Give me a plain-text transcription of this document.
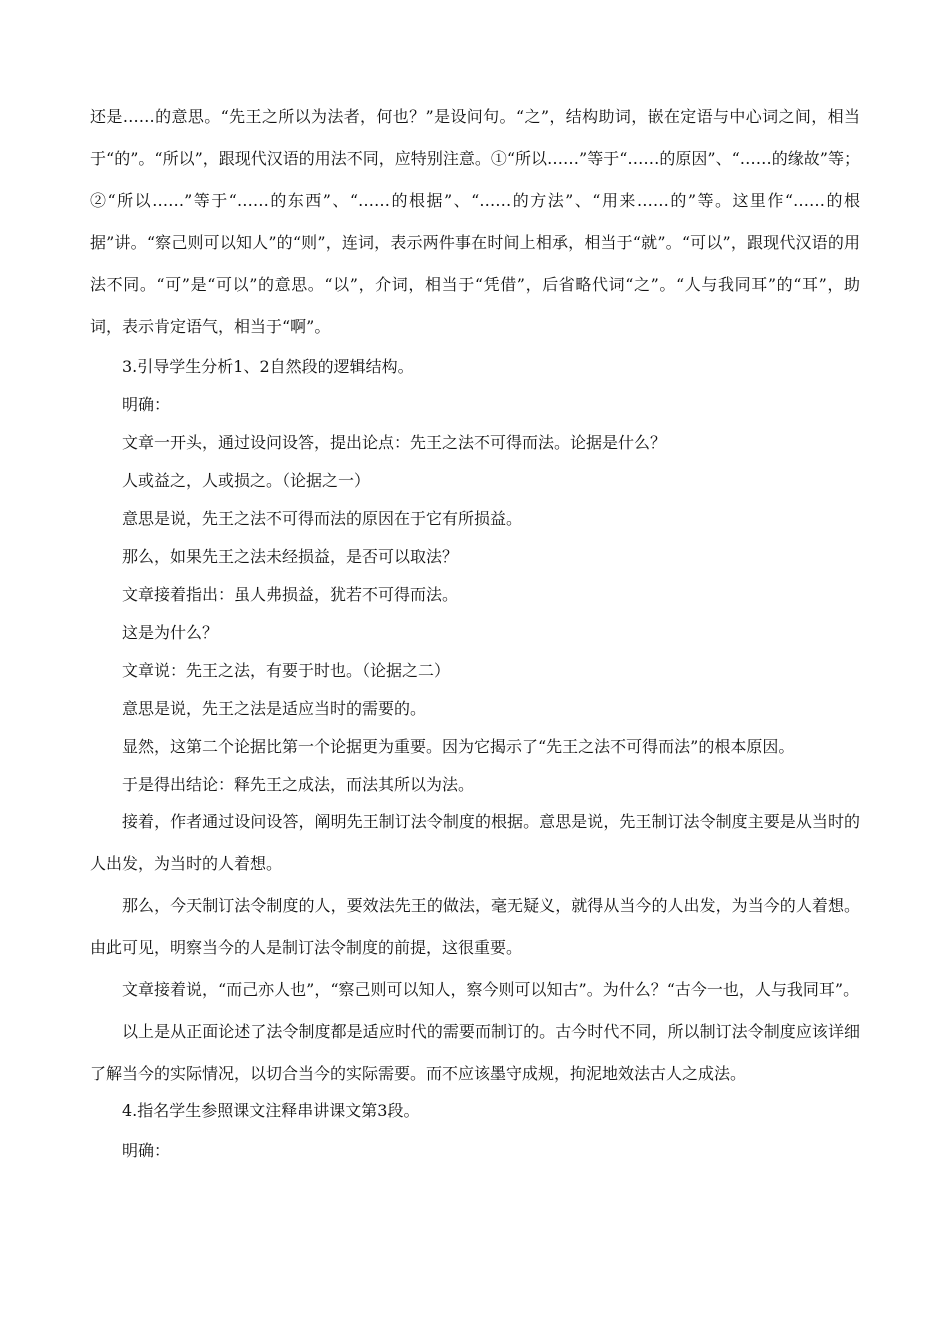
还是……的意思。“先王之所以为法者，何也？”是设问句。“之”，结构助词，嵌在定语与中心词之间，相当于“的”。“所以”，跟现代汉语的用法不同，应特别注意。①“所以……”等于“……的原因”、“……的缘故”等；②“所以……”等于“……的东西”、“……的根据”、“……的方法”、“用来……的”等。这里作“……的根据”讲。“察己则可以知人”的“则”，连词，表示两件事在时间上相承，相当于“就”。“可以”，跟现代汉语的用法不同。“可”是“可以”的意思。“以”，介词，相当于“凭借”，后省略代词“之”。“人与我同耳”的“耳”，助词，表示肯定语气，相当于“啊”。

3.引导学生分析1、2自然段的逻辑结构。

明确：

文章一开头，通过设问设答，提出论点：先王之法不可得而法。论据是什么？

人或益之，人或损之。（论据之一）

意思是说，先王之法不可得而法的原因在于它有所损益。

那么，如果先王之法未经损益，是否可以取法？

文章接着指出：虽人弗损益，犹若不可得而法。

这是为什么？

文章说：先王之法，有要于时也。（论据之二）

意思是说，先王之法是适应当时的需要的。

显然，这第二个论据比第一个论据更为重要。因为它揭示了“先王之法不可得而法”的根本原因。

于是得出结论：释先王之成法，而法其所以为法。

接着，作者通过设问设答，阐明先王制订法令制度的根据。意思是说，先王制订法令制度主要是从当时的人出发，为当时的人着想。

那么，今天制订法令制度的人，要效法先王的做法，毫无疑义，就得从当今的人出发，为当今的人着想。由此可见，明察当今的人是制订法令制度的前提，这很重要。

文章接着说，“而己亦人也”，“察己则可以知人，察今则可以知古”。为什么？“古今一也，人与我同耳”。

以上是从正面论述了法令制度都是适应时代的需要而制订的。古今时代不同，所以制订法令制度应该详细了解当今的实际情况，以切合当今的实际需要。而不应该墨守成规，拘泥地效法古人之成法。

4.指名学生参照课文注释串讲课文第3段。

明确：
